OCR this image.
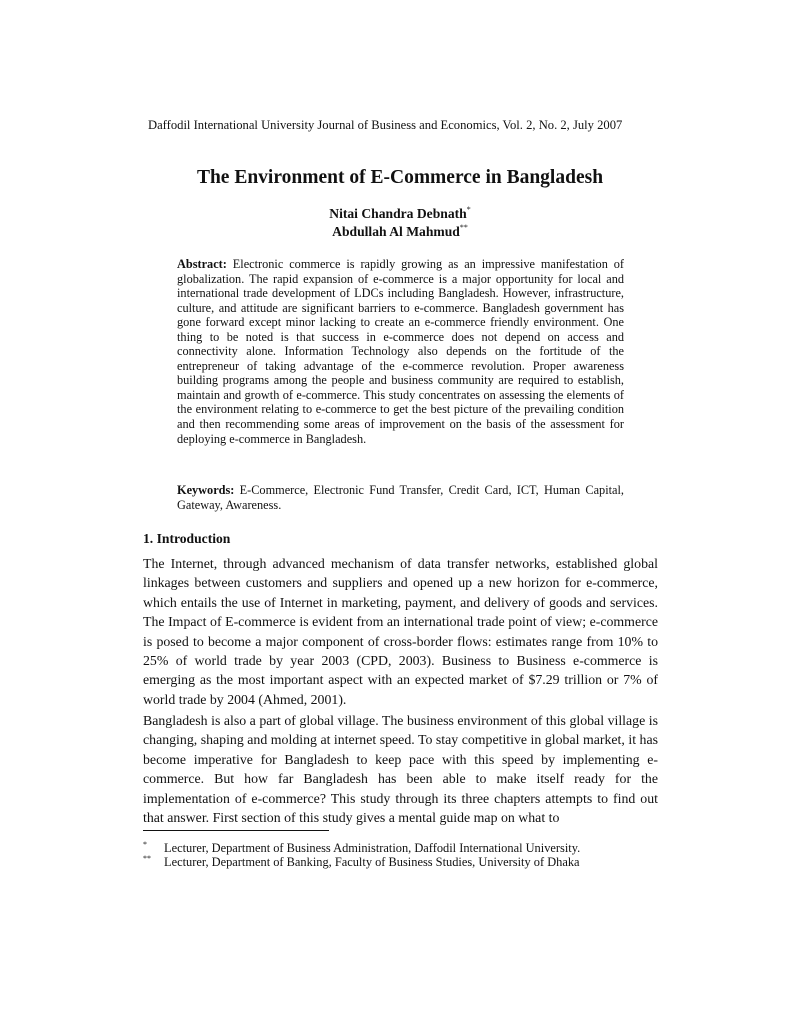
Daffodil International University Journal of Business and Economics, Vol. 2, No. 2, July 2007
The Environment of E-Commerce in Bangladesh
Nitai Chandra Debnath*
Abdullah Al Mahmud**

Abstract: Electronic commerce is rapidly growing as an impressive manifestation of globalization. The rapid expansion of e-commerce is a major opportunity for local and international trade development of LDCs including Bangladesh. However, infrastructure, culture, and attitude are significant barriers to e-commerce. Bangladesh government has gone forward except minor lacking to create an e-commerce friendly environment. One thing to be noted is that success in e-commerce does not depend on access and connectivity alone. Information Technology also depends on the fortitude of the entrepreneur of taking advantage of the e-commerce revolution. Proper awareness building programs among the people and business community are required to establish, maintain and growth of e-commerce. This study concentrates on assessing the elements of the environment relating to e-commerce to get the best picture of the prevailing condition and then recommending some areas of improvement on the basis of the assessment for deploying e-commerce in Bangladesh.

Keywords: E-Commerce, Electronic Fund Transfer, Credit Card, ICT, Human Capital, Gateway, Awareness.

1. Introduction

The Internet, through advanced mechanism of data transfer networks, established global linkages between customers and suppliers and opened up a new horizon for e-commerce, which entails the use of Internet in marketing, payment, and delivery of goods and services. The Impact of E-commerce is evident from an international trade point of view; e-commerce is posed to become a major component of cross-border flows: estimates range from 10% to 25% of world trade by year 2003 (CPD, 2003). Business to Business e-commerce is emerging as the most important aspect with an expected market of $7.29 trillion or 7% of world trade by 2004 (Ahmed, 2001).

Bangladesh is also a part of global village. The business environment of this global village is changing, shaping and molding at internet speed. To stay competitive in global market, it has become imperative for Bangladesh to keep pace with this speed by implementing e-commerce. But how far Bangladesh has been able to make itself ready for the implementation of e-commerce? This study through its three chapters attempts to find out that answer. First section of this study gives a mental guide map on what to

* Lecturer, Department of Business Administration, Daffodil International University.
** Lecturer, Department of Banking, Faculty of Business Studies, University of Dhaka
